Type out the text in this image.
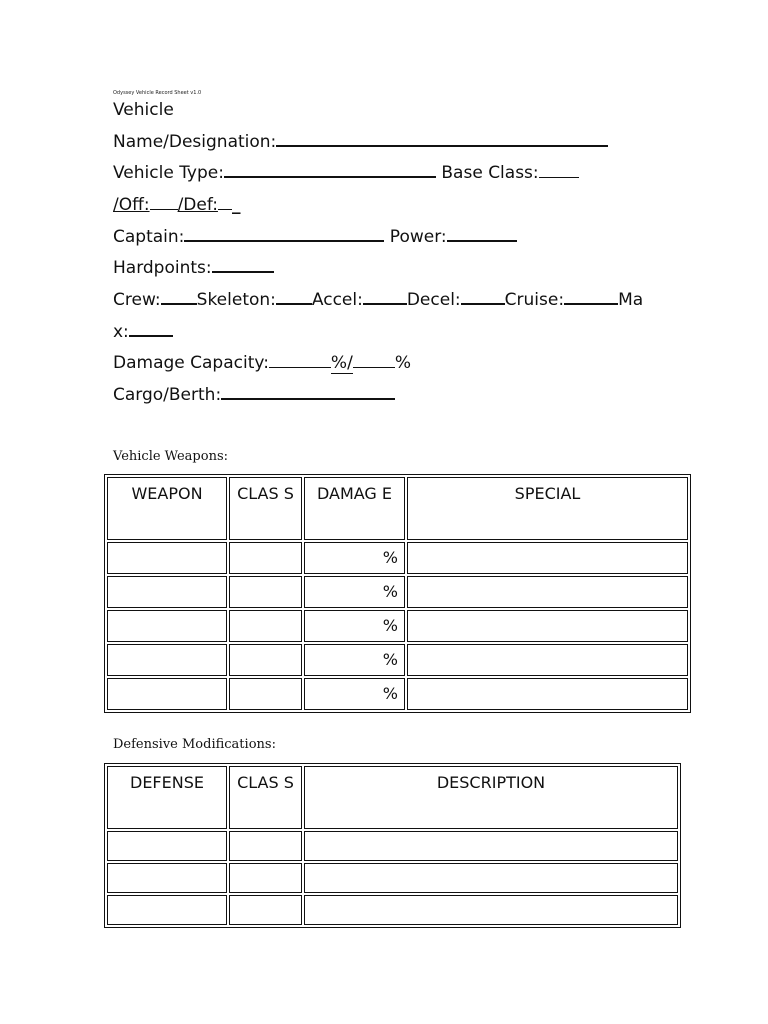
Odyssey Vehicle Record Sheet v1.0
Vehicle
Name/Designation:
Vehicle Type:	Base Class:
/Off: /Def: _
Captain:	Power:
Hardpoints:
Crew: Skeleton: Accel:	Decel:	Cruise:	Ma
x:
Damage Capacity:	%/ %
Cargo/Berth:
Vehicle Weapons:
WEAPON	CLAS S	DAMAG E	SPECIAL
		%	
		%	
		%	
		%	
		%	
Defensive Modifications:
DEFENSE	CLAS S	DESCRIPTION
